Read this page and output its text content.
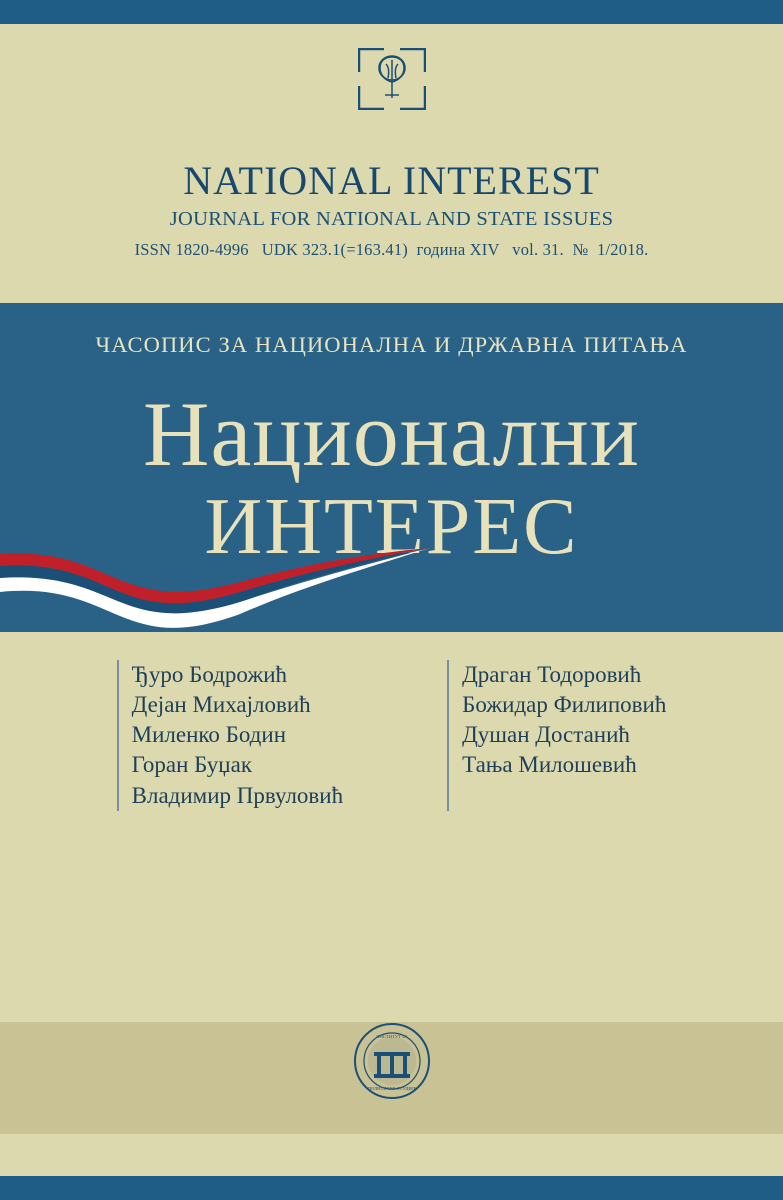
NATIONAL INTEREST
JOURNAL FOR NATIONAL AND STATE ISSUES
ISSN 1820-4996   UDK 323.1(=163.41)  година XIV   vol. 31.  №  1/2018.
ЧАСОПИС ЗА НАЦИОНАЛНА И ДРЖАВНА ПИТАЊА
Национални
ИНТЕРЕС
Ђуро Бодрожић
Дејан Михајловић
Миленко Бодин
Горан Буџак
Владимир Првуловић
Драган Тодоровић
Божидар Филиповић
Душан Достанић
Тања Милошевић
ИНСТИТУТ ЗА
ПОЛИТИЧКЕ СТУДИЈЕ
